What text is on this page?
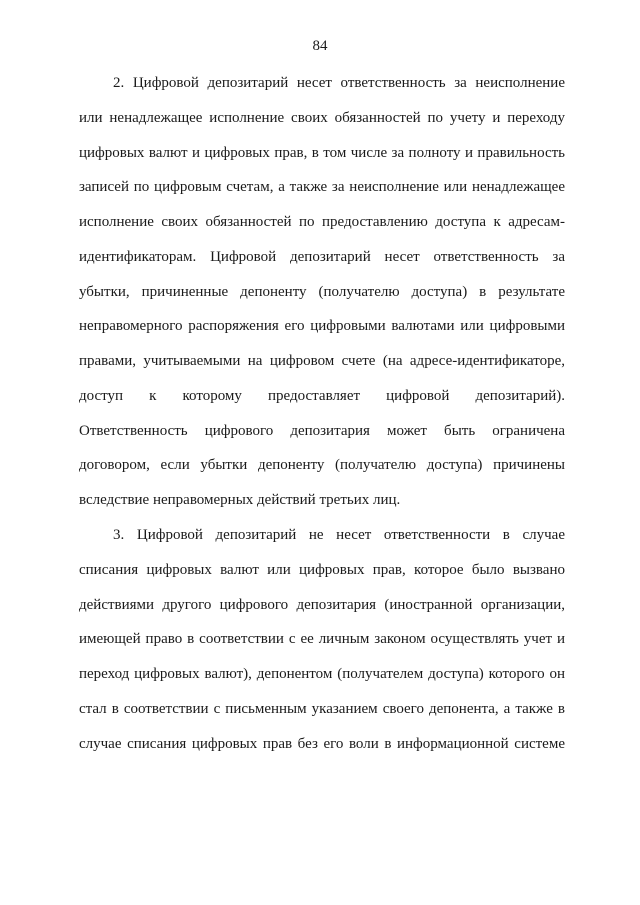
84
2. Цифровой депозитарий несет ответственность за неисполнение
или ненадлежащее исполнение своих обязанностей по учету и переходу
цифровых валют и цифровых прав, в том числе за полноту и правильность
записей по цифровым счетам, а также за неисполнение или ненадлежащее
исполнение своих обязанностей по предоставлению доступа к адресам-
идентификаторам. Цифровой депозитарий несет ответственность за
убытки, причиненные депоненту (получателю доступа) в результате
неправомерного распоряжения его цифровыми валютами или цифровыми
правами, учитываемыми на цифровом счете (на адресе-идентификаторе,
доступ к которому предоставляет цифровой депозитарий).
Ответственность цифрового депозитария может быть ограничена
договором, если убытки депоненту (получателю доступа) причинены
вследствие неправомерных действий третьих лиц.
3. Цифровой депозитарий не несет ответственности в случае
списания цифровых валют или цифровых прав, которое было вызвано
действиями другого цифрового депозитария (иностранной организации,
имеющей право в соответствии с ее личным законом осуществлять учет и
переход цифровых валют), депонентом (получателем доступа) которого он
стал в соответствии с письменным указанием своего депонента, а также в
случае списания цифровых прав без его воли в информационной системе
